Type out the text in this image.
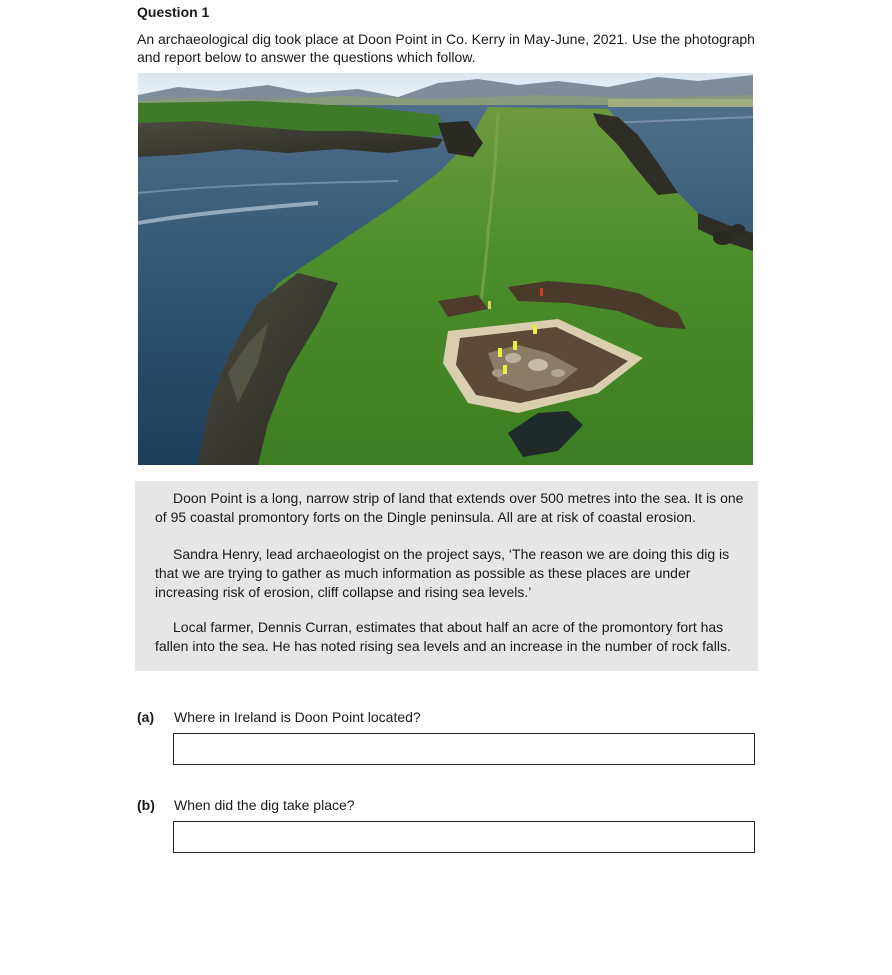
Question 1
An archaeological dig took place at Doon Point in Co. Kerry in May-June, 2021. Use the photograph and report below to answer the questions which follow.

Doon Point is a long, narrow strip of land that extends over 500 metres into the sea. It is one of 95 coastal promontory forts on the Dingle peninsula. All are at risk of coastal erosion.

Sandra Henry, lead archaeologist on the project says, ‘The reason we are doing this dig is that we are trying to gather as much information as possible as these places are under increasing risk of erosion, cliff collapse and rising sea levels.’

Local farmer, Dennis Curran, estimates that about half an acre of the promontory fort has fallen into the sea. He has noted rising sea levels and an increase in the number of rock falls.

(a) Where in Ireland is Doon Point located?
(b) When did the dig take place?
